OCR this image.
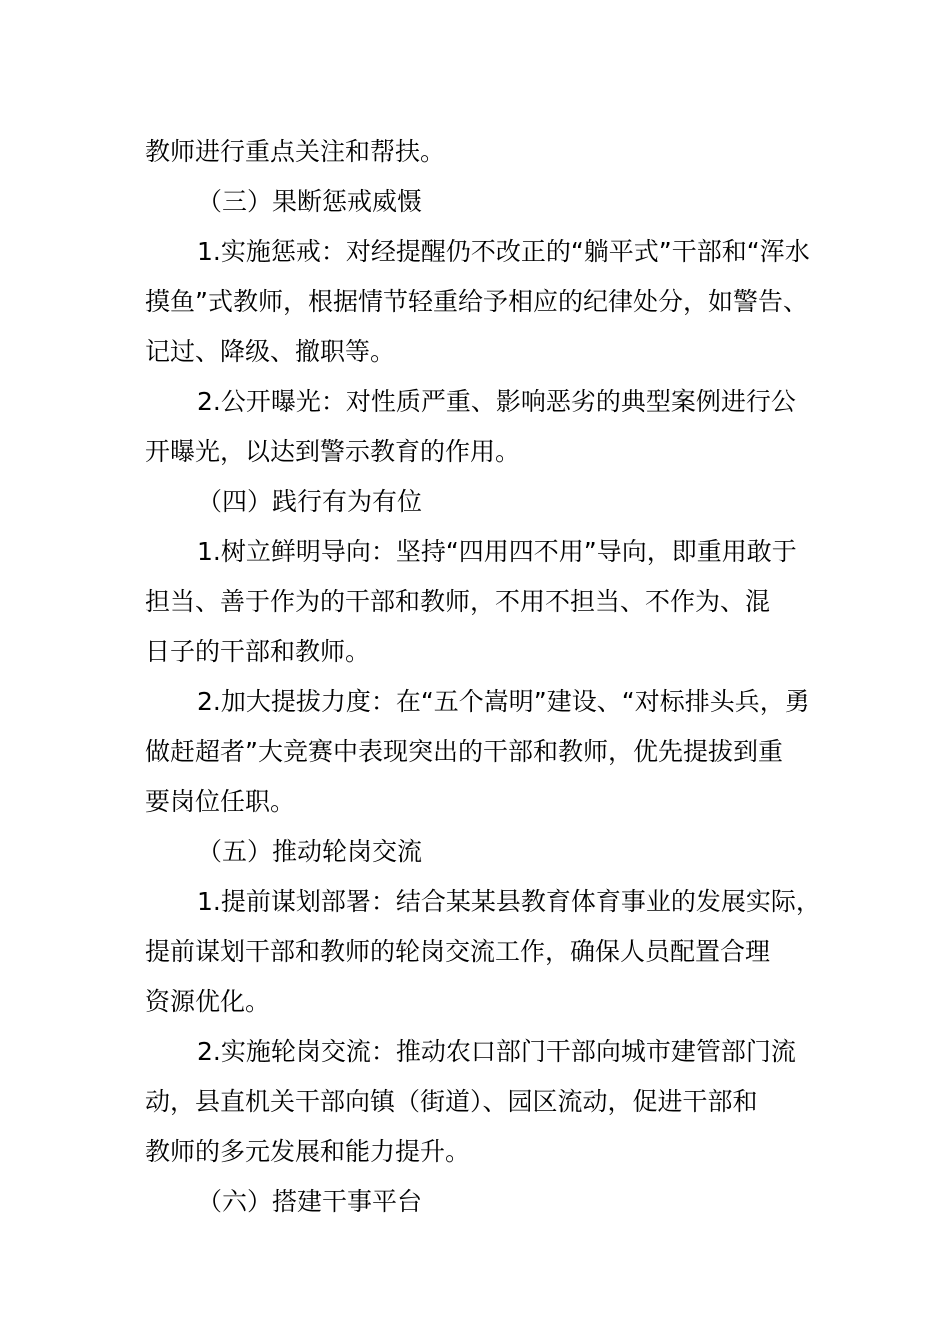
教师进行重点关注和帮扶。
（三）果断惩戒威慑
1.实施惩戒：对经提醒仍不改正的“躺平式”干部和“浑水
摸鱼”式教师，根据情节轻重给予相应的纪律处分，如警告、
记过、降级、撤职等。
2.公开曝光：对性质严重、影响恶劣的典型案例进行公
开曝光，以达到警示教育的作用。
（四）践行有为有位
1.树立鲜明导向：坚持“四用四不用”导向，即重用敢于
担当、善于作为的干部和教师，不用不担当、不作为、混
日子的干部和教师。
2.加大提拔力度：在“五个嵩明”建设、“对标排头兵，勇
做赶超者”大竞赛中表现突出的干部和教师，优先提拔到重
要岗位任职。
（五）推动轮岗交流
1.提前谋划部署：结合某某县教育体育事业的发展实际，
提前谋划干部和教师的轮岗交流工作，确保人员配置合理
资源优化。
2.实施轮岗交流：推动农口部门干部向城市建管部门流
动，县直机关干部向镇（街道）、园区流动，促进干部和
教师的多元发展和能力提升。
（六）搭建干事平台
